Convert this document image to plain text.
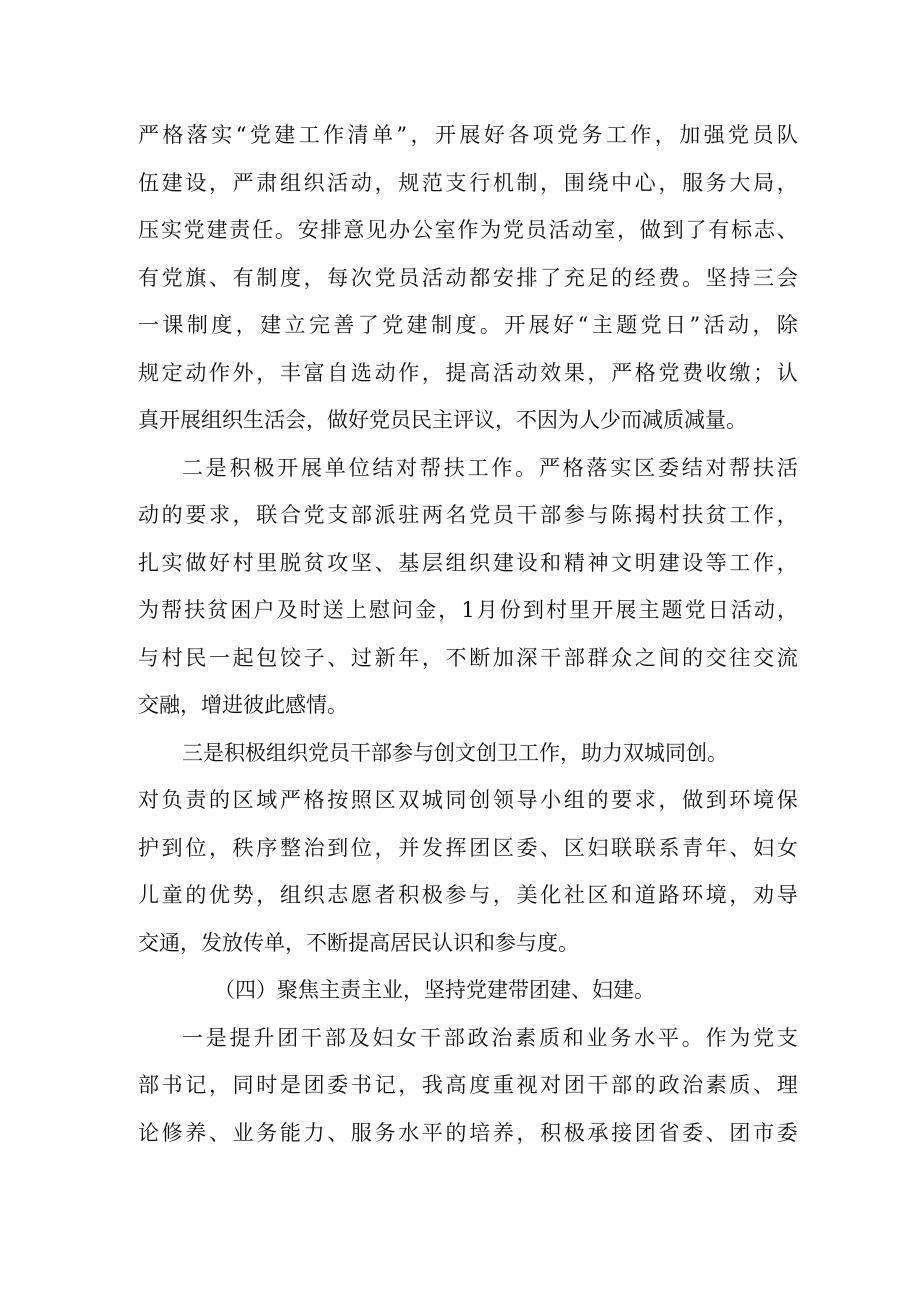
严 格 落 实 “ 党 建 工 作 清 单 ” ， 开 展 好 各 项 党 务 工 作 ， 加 强 党 员 队
伍 建 设 ， 严 肃 组 织 活 动 ， 规 范 支 行 机 制 ， 围 绕 中 心 ， 服 务 大 局 ，
压 实 党 建 责 任 。 安 排 意 见 办 公 室 作 为 党 员 活 动 室 ， 做 到 了 有 标 志 、
有 党 旗 、 有 制 度 ， 每 次 党 员 活 动 都 安 排 了 充 足 的 经 费 。 坚 持 三 会
一 课 制 度 ， 建 立 完 善 了 党 建 制 度 。 开 展 好 “ 主 题 党 日 ” 活 动 ， 除
规 定 动 作 外 ， 丰 富 自 选 动 作 ， 提 高 活 动 效 果 ， 严 格 党 费 收 缴 ； 认
真开展组织生活会，做好党员民主评议，不因为人少而减质减量。
二 是 积 极 开 展 单 位 结 对 帮 扶 工 作 。 严 格 落 实 区 委 结 对 帮 扶 活
动 的 要 求 ， 联 合 党 支 部 派 驻 两 名 党 员 干 部 参 与 陈 揭 村 扶 贫 工 作 ，
扎 实 做 好 村 里 脱 贫 攻 坚 、 基 层 组 织 建 设 和 精 神 文 明 建 设 等 工 作 ，
为 帮 扶 贫 困 户 及 时 送 上 慰 问 金 ， 1 月 份 到 村 里 开 展 主 题 党 日 活 动 ，
与 村 民 一 起 包 饺 子 、 过 新 年 ， 不 断 加 深 干 部 群 众 之 间 的 交 往 交 流
交融，增进彼此感情。
三是积极组织党员干部参与创文创卫工作，助力双城同创。
对 负 责 的 区 域 严 格 按 照 区 双 城 同 创 领 导 小 组 的 要 求 ， 做 到 环 境 保
护 到 位 ， 秩 序 整 治 到 位 ， 并 发 挥 团 区 委 、 区 妇 联 联 系 青 年 、 妇 女
儿 童 的 优 势 ， 组 织 志 愿 者 积 极 参 与 ， 美 化 社 区 和 道 路 环 境 ， 劝 导
交通，发放传单，不断提高居民认识和参与度。
（四）聚焦主责主业，坚持党建带团建、妇建。
一 是 提 升 团 干 部 及 妇 女 干 部 政 治 素 质 和 业 务 水 平 。 作 为 党 支
部 书 记 ， 同 时 是 团 委 书 记 ， 我 高 度 重 视 对 团 干 部 的 政 治 素 质 、 理
论 修 养 、 业 务 能 力 、 服 务 水 平 的 培 养 ， 积 极 承 接 团 省 委 、 团 市 委
